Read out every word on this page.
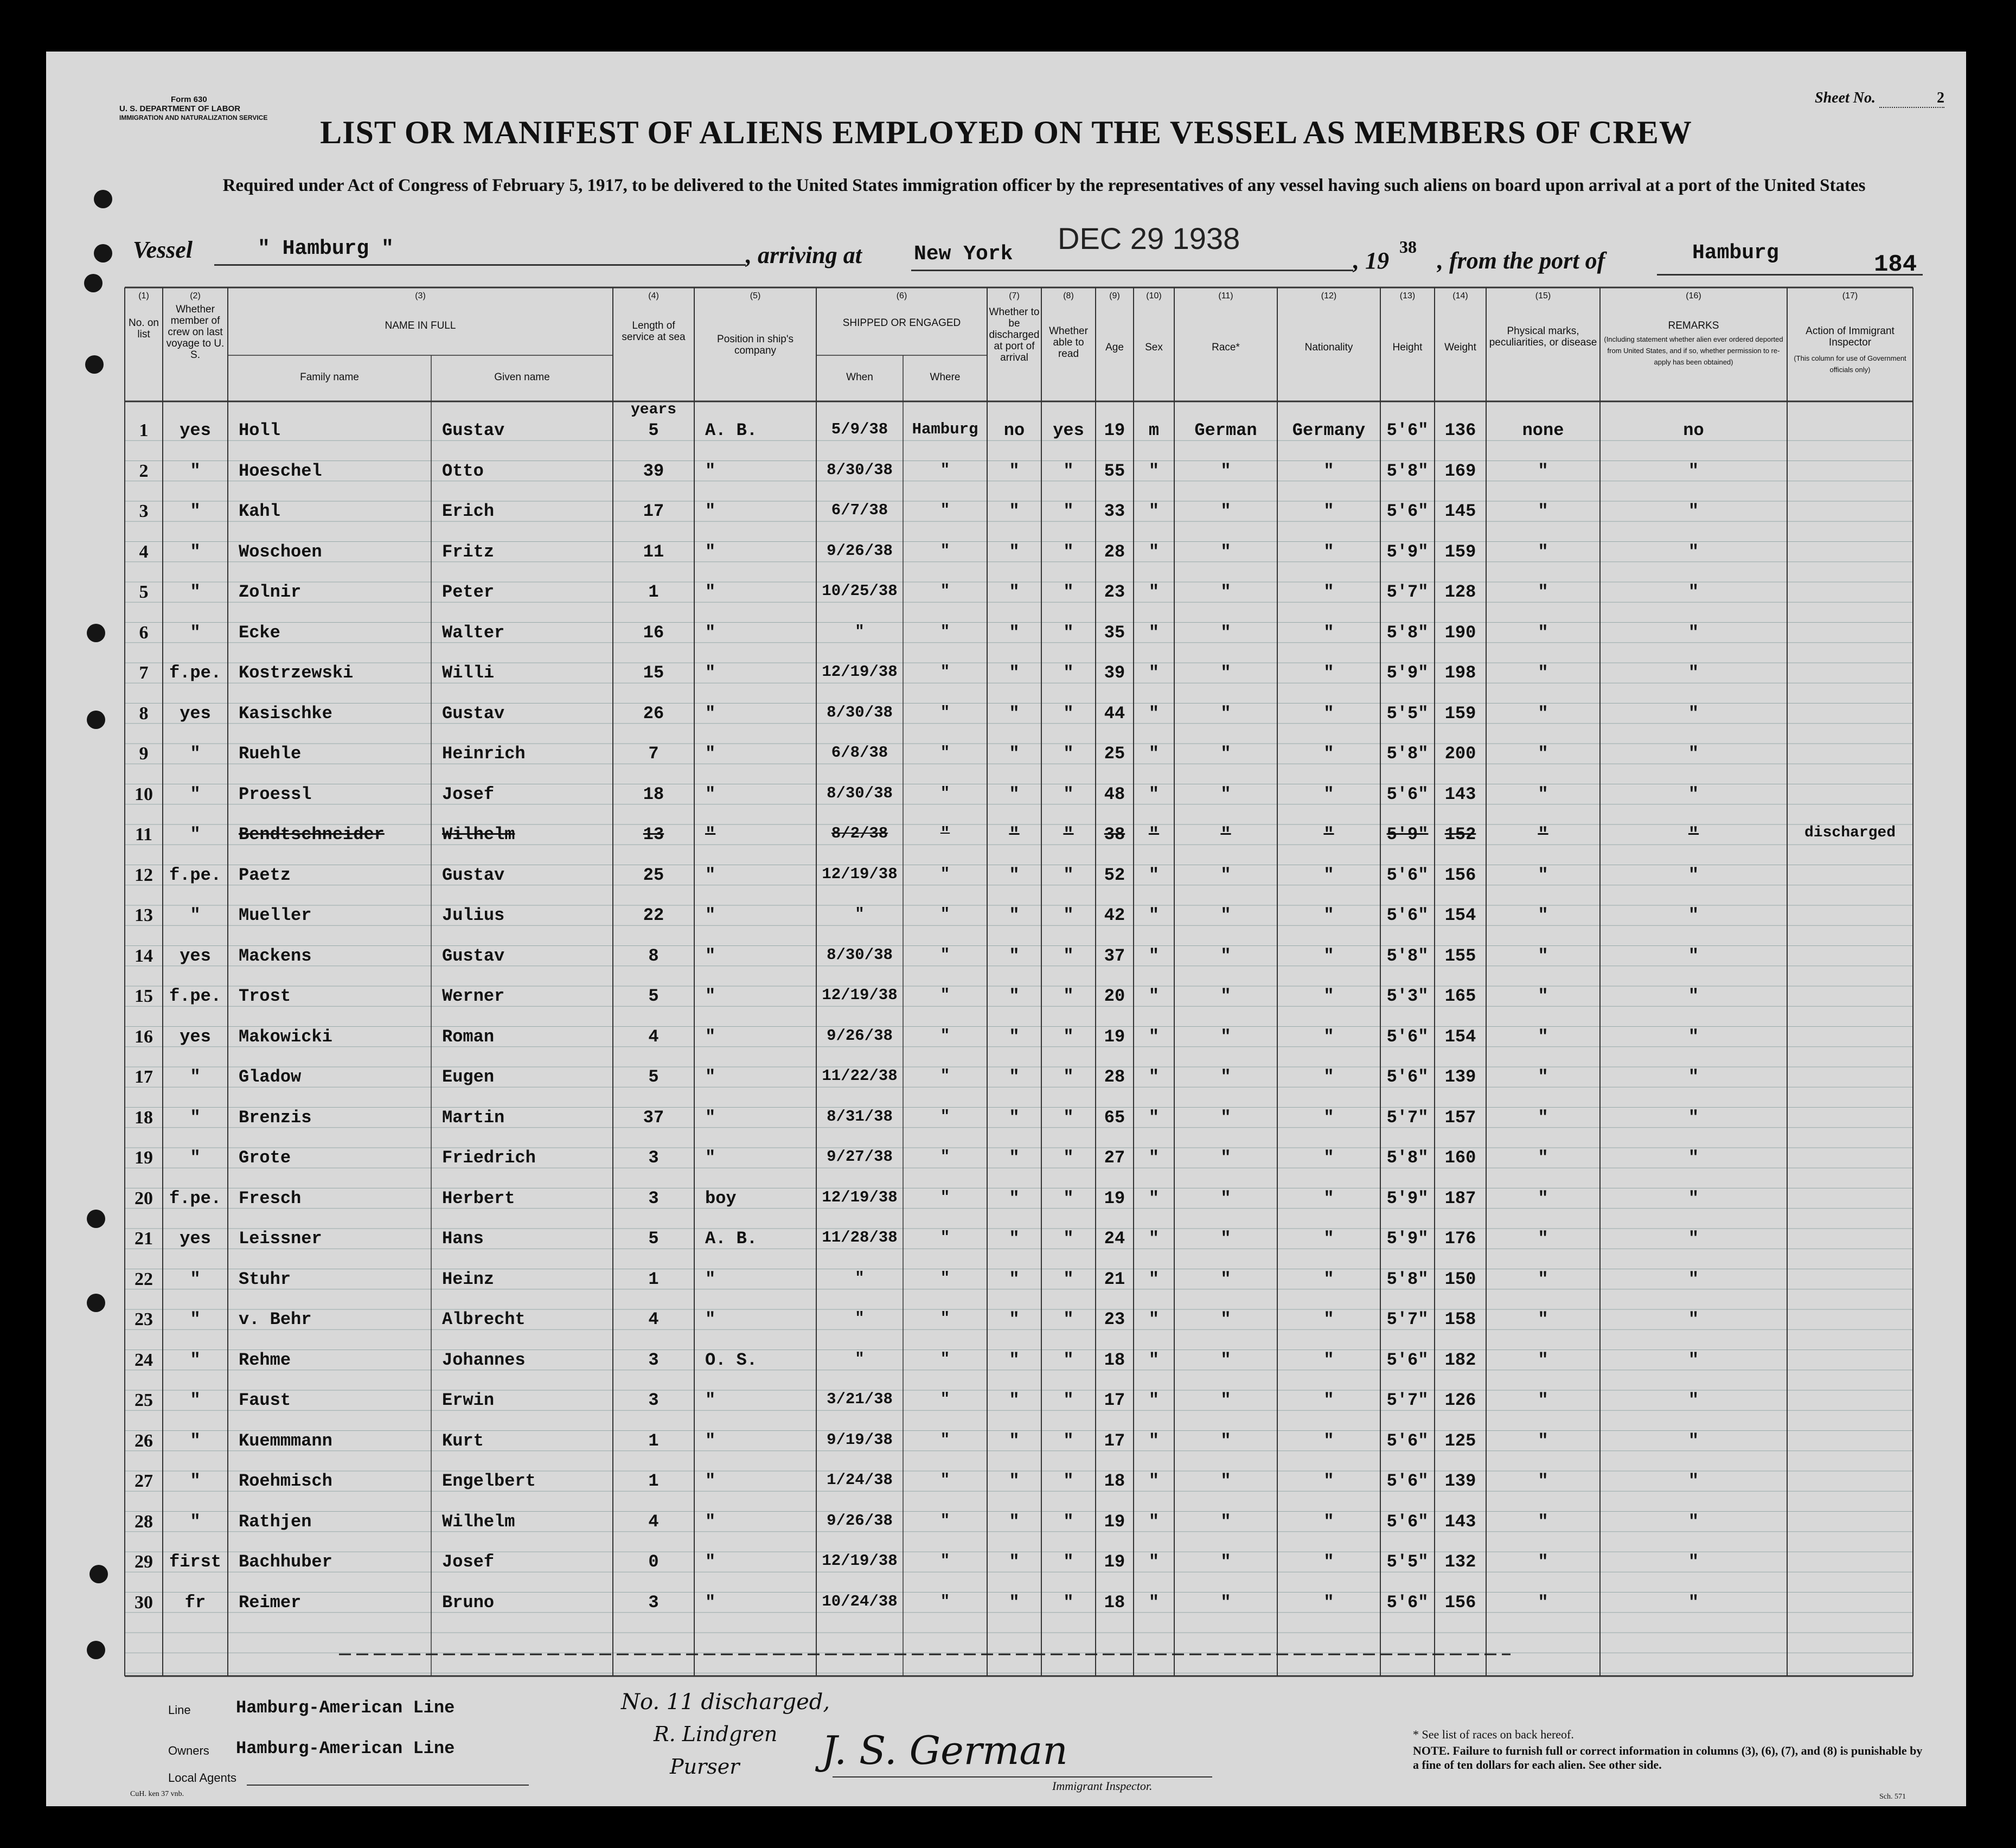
Form 630
U. S. DEPARTMENT OF LABOR
IMMIGRATION AND NATURALIZATION SERVICE
Sheet No.	2
LIST OR MANIFEST OF ALIENS EMPLOYED ON THE VESSEL AS MEMBERS OF CREW
Required under Act of Congress of February 5, 1917, to be delivered to the United States immigration officer by the representatives of any vessel having such aliens on board upon arrival at a port of the United States
Vessel	" Hamburg "	, arriving at	New York	, 19
38
, from the port of	Hamburg
DEC 29 1938
184
(1)	(2)	(3)	(4)	(5)	(6)	(7)	(8)	(9)	(10)	(11)	(12)	(13)	(14)	(15)	(16)	(17)
No. on list
Whether member of crew on last voyage to U. S.
NAME IN FULL
Family name	Given name
Length of service at sea	Position in ship's company
SHIPPED OR ENGAGED
When	Where
Whether to be discharged at port of arrival
Whether able to read
Age	Sex	Race*	Nationality	Height	Weight
Physical marks, peculiarities, or disease
REMARKS
(Including statement whether alien ever ordered deported from United States, and if so, whether permission to re-apply has been obtained)
Action of Immigrant Inspector
(This column for use of Government officials only)
years
1	yes	Holl	Gustav	5	A. B.	5/9/38	Hamburg	no	yes	19	m	German	Germany	5'6" 136	none	no
2	"	Hoeschel	Otto	39	"	8/30/38	"	"	"	55	"	"	"	5'8" 169	"	"
3	"	Kahl	Erich	17	"	6/7/38	"	"	"	33	"	"	"	5'6" 145	"	"
4	"	Woschoen	Fritz	11	"	9/26/38	"	"	"	28	"	"	"	5'9" 159	"	"
5	"	Zolnir	Peter	1	"	10/25/38	"	"	"	23	"	"	"	5'7" 128	"	"
6	"	Ecke	Walter	16	"	"	"	"	"	35	"	"	"	5'8" 190	"	"
7	f.pe.	Kostrzewski	Willi	15	"	12/19/38	"	"	"	39	"	"	"	5'9" 198	"	"
8	yes	Kasischke	Gustav	26	"	8/30/38	"	"	"	44	"	"	"	5'5" 159	"	"
9	"	Ruehle	Heinrich	7	"	6/8/38	"	"	"	25	"	"	"	5'8" 200	"	"
10	"	Proessl	Josef	18	"	8/30/38	"	"	"	48	"	"	"	5'6" 143	"	"
11	"	Bendtschneider	Wilhelm	13	"	8/2/38	"	"	"	38	"	"	"	5'9" 152	"	"	discharged
12 f.pe.	Paetz	Gustav	25	"	12/19/38	"	"	"	52	"	"	"	5'6" 156	"	"
13	"	Mueller	Julius	22	"	"	"	"	"	42	"	"	"	5'6" 154	"	"
14	yes	Mackens	Gustav	8	"	8/30/38	"	"	"	37	"	"	"	5'8" 155	"	"
15 f.pe.	Trost	Werner	5	"	12/19/38	"	"	"	20	"	"	"	5'3" 165	"	"
16	yes	Makowicki	Roman	4	"	9/26/38	"	"	"	19	"	"	"	5'6" 154	"	"
17	"	Gladow	Eugen	5	"	11/22/38	"	"	"	28	"	"	"	5'6" 139	"	"
18	"	Brenzis	Martin	37	"	8/31/38	"	"	"	65	"	"	"	5'7" 157	"	"
19	"	Grote	Friedrich	3	"	9/27/38	"	"	"	27	"	"	"	5'8" 160	"	"
20 f.pe.	Fresch	Herbert	3	boy	12/19/38	"	"	"	19	"	"	"	5'9" 187	"	"
21	yes	Leissner	Hans	5	A. B.	11/28/38	"	"	"	24	"	"	"	5'9" 176	"	"
22	"	Stuhr	Heinz	1	"	"	"	"	"	21	"	"	"	5'8" 150	"	"
23	"	v. Behr	Albrecht	4	"	"	"	"	"	23	"	"	"	5'7" 158	"	"
24	"	Rehme	Johannes	3	O. S.	"	"	"	"	18	"	"	"	5'6" 182	"	"
25	"	Faust	Erwin	3	"	3/21/38	"	"	"	17	"	"	"	5'7" 126	"	"
26	"	Kuemmmann	Kurt	1	"	9/19/38	"	"	"	17	"	"	"	5'6" 125	"	"
27	"	Roehmisch	Engelbert	1	"	1/24/38	"	"	"	18	"	"	"	5'6" 139	"	"
28	"	Rathjen	Wilhelm	4	"	9/26/38	"	"	"	19	"	"	"	5'6" 143	"	"
29 first	Bachhuber	Josef	0	"	12/19/38	"	"	"	19	"	"	"	5'5" 132	"	"
30	fr	Reimer	Bruno	3	"	10/24/38	"	"	"	18	"	"	"	5'6" 156	"	"
Line	Hamburg-American Line
Owners Hamburg-American Line
Local Agents
No. 11 discharged,
R. Lindgren
Purser J. S. German
Immigrant Inspector.
* See list of races on back hereof.
NOTE. Failure to furnish full or correct information in columns (3), (6), (7), and (8) is punishable by a fine of ten dollars for each alien. See other side.
CuH. ken 37 vnb.	Sch. 571
